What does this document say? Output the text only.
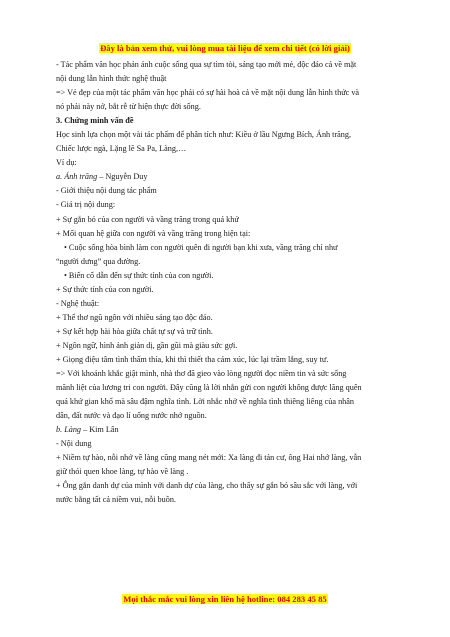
Đây là bản xem thử, vui lòng mua tài liệu để xem chi tiết (có lời giải)

- Tác phẩm văn học phản ánh cuộc sống qua sự tìm tòi, sáng tạo mới mẻ, độc đáo cả về mặt

nội dung lẫn hình thức nghệ thuật

=> Vẻ đẹp của một tác phẩm văn học phải có sự hài hoà cả về mặt nội dung lẫn hình thức và

nó phải này nở, bắt rễ từ hiện thực đời sống.

3. Chứng minh vấn đề

Học sinh lựa chọn một vài tác phẩm để phân tích như: Kiều ở lầu Ngưng Bích, Ánh trăng,

Chiếc lược ngà, Lặng lẽ Sa Pa, Làng,…

Ví dụ:

a. Ánh trăng – Nguyễn Duy

- Giới thiệu nội dung tác phẩm

- Giá trị nội dung:

+ Sự gắn bó của con người và vầng trăng trong quá khứ

+ Mối quan hệ giữa con người và vầng trăng trong hiện tại:

• Cuộc sống hòa bình làm con người quên đi người bạn khi xưa, vầng trăng chỉ như

“người dưng” qua đường.

• Biến cố dẫn đến sự thức tỉnh của con người.

+ Sự thức tỉnh của con người.

- Nghệ thuật:

+ Thể thơ ngũ ngôn với nhiều sáng tạo độc đáo.

+ Sự kết hợp hài hòa giữa chất tự sự và trữ tình.

+ Ngôn ngữ, hình ảnh giản dị, gần gũi mà giàu sức gợi.

+ Giọng điệu tâm tình thấm thía, khi thì thiết tha cảm xúc, lúc lại trầm lắng, suy tư.

=> Với khoảnh khắc giật mình, nhà thơ đã gieo vào lòng người đọc niềm tin và sức sống

mãnh liệt của lương tri con người. Đây cũng là lời nhắn gửi con người không được lãng quên

quá khứ gian khổ mà sâu đậm nghĩa tình. Lời nhắc nhở về nghĩa tình thiêng liêng của nhân

dân, đất nước và đạo lí uống nước nhớ nguồn.

b. Làng – Kim Lân

- Nội dung

+ Niềm tự hào, nỗi nhớ về làng cũng mang nét mới: Xa làng đi tản cư, ông Hai nhớ làng, vẫn

giữ thói quen khoe làng, tự hào về làng .

+ Ông gắn danh dự của mình với danh dự của làng, cho thấy sự gắn bó sâu sắc với làng, với

nước bằng tất cả niềm vui, nỗi buồn.

Mọi thắc mắc vui lòng xin liên hệ hotline: 084 283 45 85
